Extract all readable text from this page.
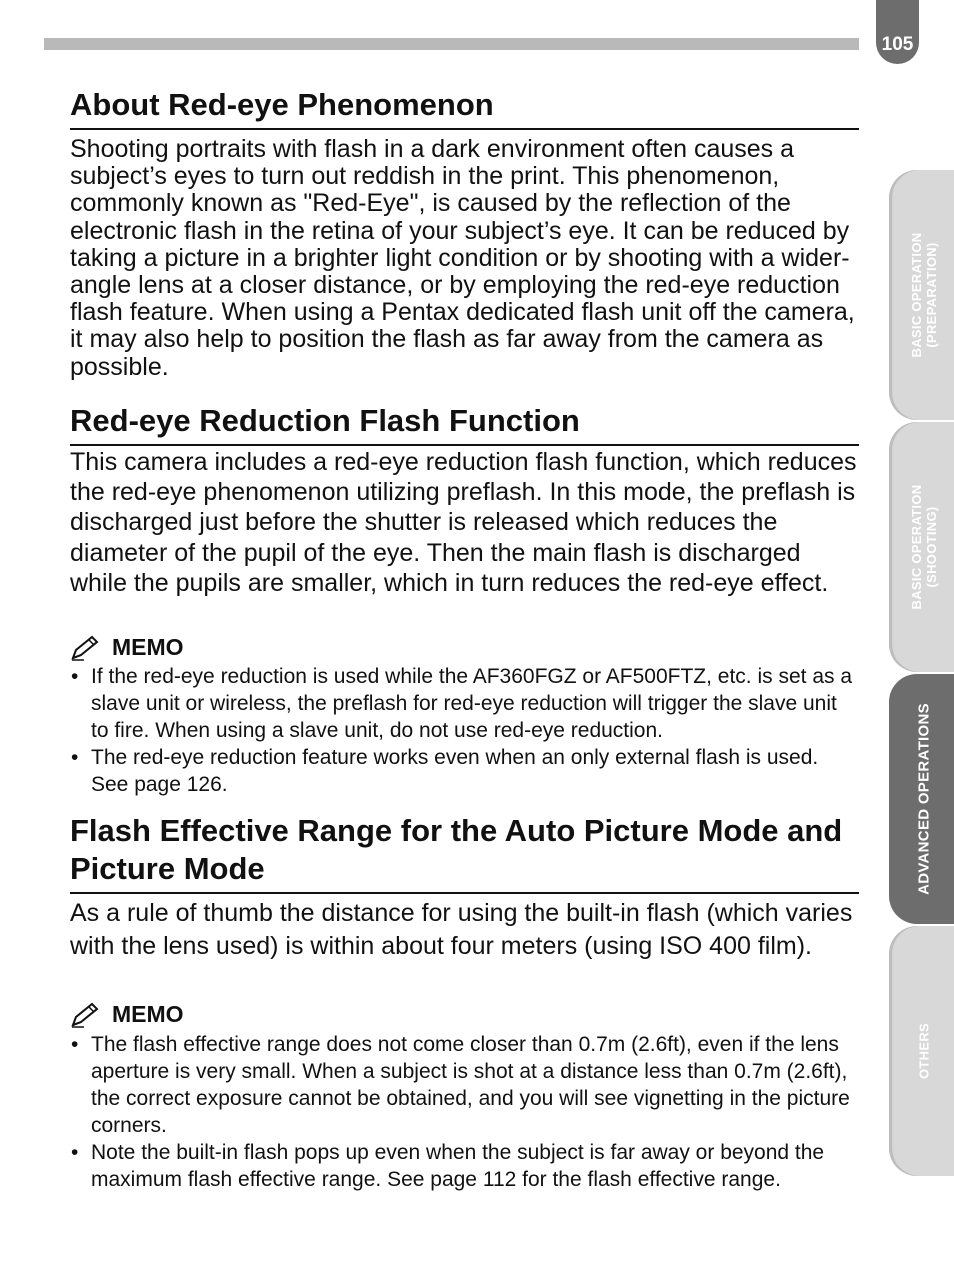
105
About Red-eye Phenomenon

Shooting portraits with flash in a dark environment often causes a subject’s eyes to turn out reddish in the print. This phenomenon, commonly known as "Red-Eye", is caused by the reflection of the electronic flash in the retina of your subject’s eye. It can be reduced by taking a picture in a brighter light condition or by shooting with a wider-angle lens at a closer distance, or by employing the red-eye reduction flash feature. When using a Pentax dedicated flash unit off the camera, it may also help to position the flash as far away from the camera as possible.

Red-eye Reduction Flash Function

This camera includes a red-eye reduction flash function, which reduces the red-eye phenomenon utilizing preflash. In this mode, the preflash is discharged just before the shutter is released which reduces the diameter of the pupil of the eye. Then the main flash is discharged while the pupils are smaller, which in turn reduces the red-eye effect.

MEMO
• If the red-eye reduction is used while the AF360FGZ or AF500FTZ, etc. is set as a slave unit or wireless, the preflash for red-eye reduction will trigger the slave unit to fire. When using a slave unit, do not use red-eye reduction.
• The red-eye reduction feature works even when an only external flash is used. See page 126.
Flash Effective Range for the Auto Picture Mode and Picture Mode

As a rule of thumb the distance for using the built-in flash (which varies with the lens used) is within about four meters (using ISO 400 film).

MEMO
• The flash effective range does not come closer than 0.7m (2.6ft), even if the lens aperture is very small. When a subject is shot at a distance less than 0.7m (2.6ft), the correct exposure cannot be obtained, and you will see vignetting in the picture corners.
• Note the built-in flash pops up even when the subject is far away or beyond the maximum flash effective range. See page 112 for the flash effective range.
BASIC OPERATION (PREPARATION)
BASIC OPERATION (SHOOTING)
ADVANCED OPERATIONS
OTHERS
